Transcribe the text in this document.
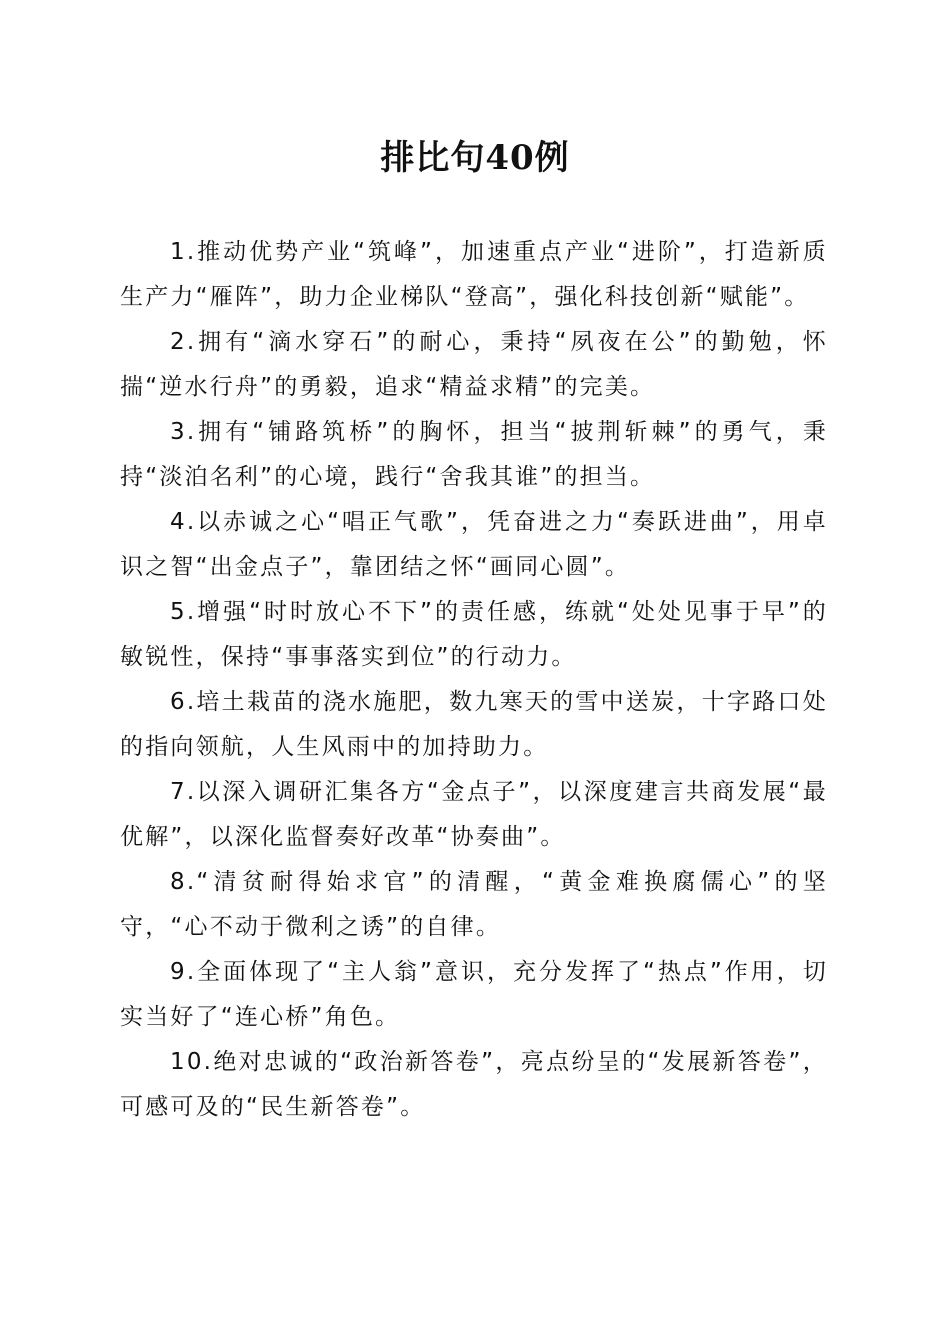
排比句40例

1.推动优势产业“筑峰”，加速重点产业“进阶”，打造新质生产力“雁阵”，助力企业梯队“登高”，强化科技创新“赋能”。

2.拥有“滴水穿石”的耐心，秉持“夙夜在公”的勤勉，怀揣“逆水行舟”的勇毅，追求“精益求精”的完美。

3.拥有“铺路筑桥”的胸怀，担当“披荆斩棘”的勇气，秉持“淡泊名利”的心境，践行“舍我其谁”的担当。

4.以赤诚之心“唱正气歌”，凭奋进之力“奏跃进曲”，用卓识之智“出金点子”，靠团结之怀“画同心圆”。

5.增强“时时放心不下”的责任感，练就“处处见事于早”的敏锐性，保持“事事落实到位”的行动力。

6.培土栽苗的浇水施肥，数九寒天的雪中送炭，十字路口处的指向领航，人生风雨中的加持助力。

7.以深入调研汇集各方“金点子”，以深度建言共商发展“最优解”，以深化监督奏好改革“协奏曲”。

8.“清贫耐得始求官”的清醒，“黄金难换腐儒心”的坚守，“心不动于微利之诱”的自律。

9.全面体现了“主人翁”意识，充分发挥了“热点”作用，切实当好了“连心桥”角色。

10.绝对忠诚的“政治新答卷”，亮点纷呈的“发展新答卷”，可感可及的“民生新答卷”。
